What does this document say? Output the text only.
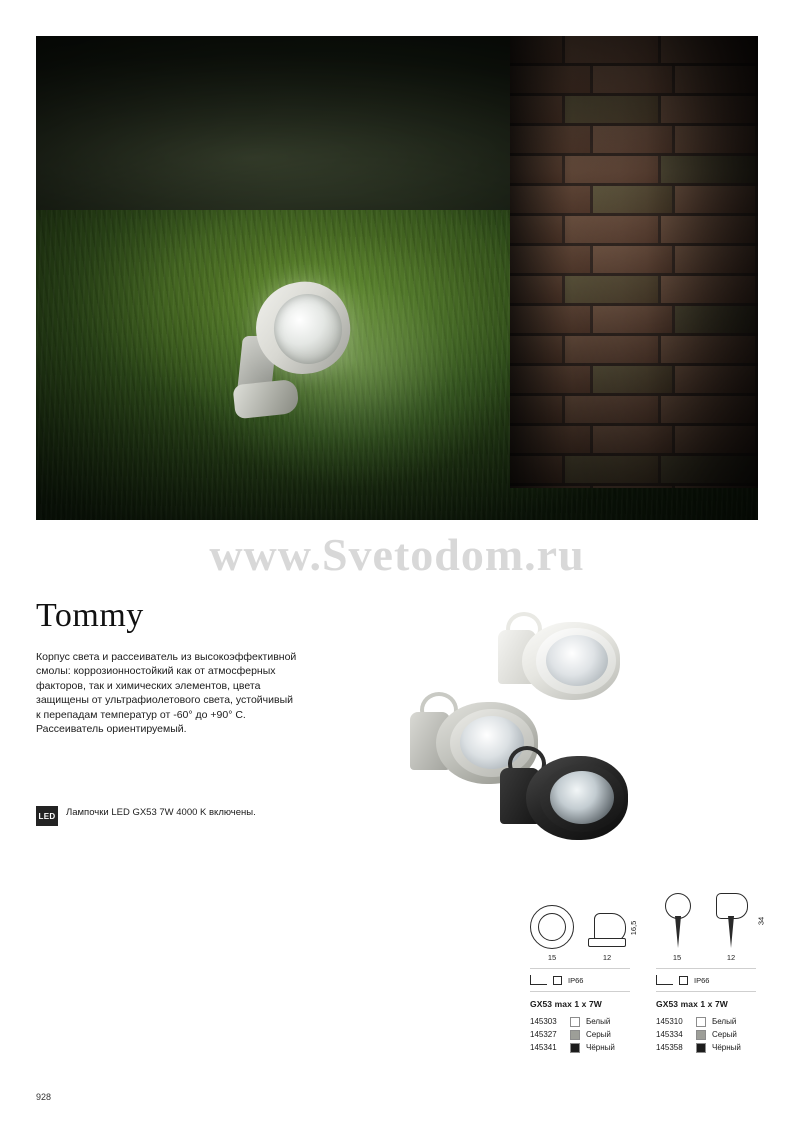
www.Svetodom.ru
Tommy
Корпус света и рассеиватель из высокоэффективной смолы: коррозионностойкий как от атмосферных факторов, так и химических элементов, цвета защищены от ультрафиолетового света, устойчивый к перепадам температур от -60° до +90° С. Рассеиватель ориентируемый.
LED Лампочки LED GX53 7W 4000 K включены.
15
16,5
12
IP66
GX53 max 1 x 7W
145303	Белый
145327	Серый
145341	Чёрный
15
34
12
IP66
GX53 max 1 x 7W
145310	Белый
145334	Серый
145358	Чёрный
928
